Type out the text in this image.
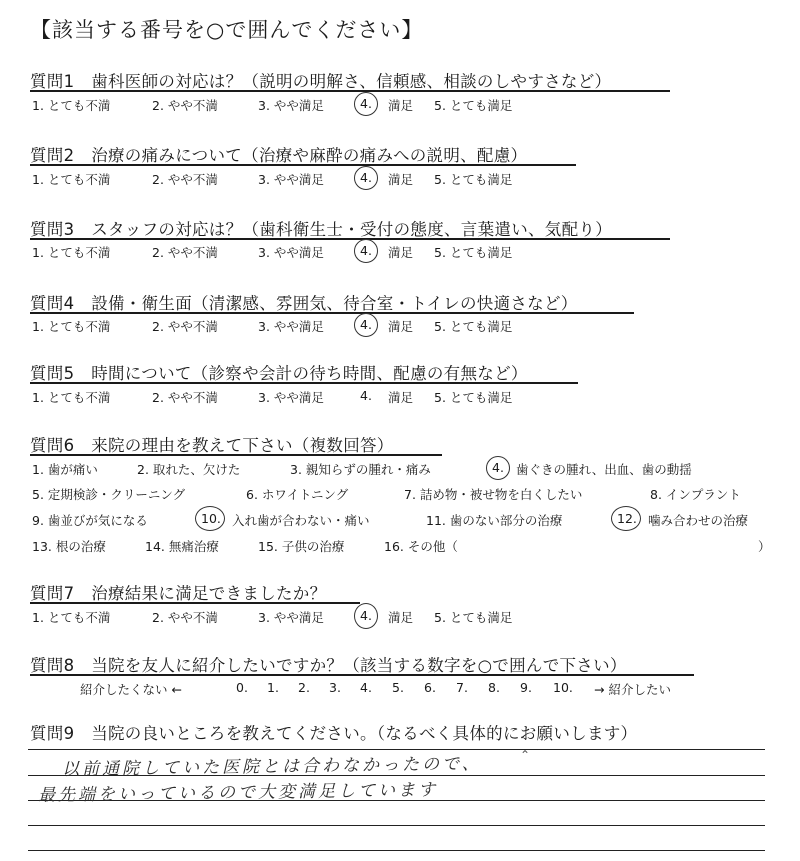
【該当する番号を○で囲んでください】
質問1　歯科医師の対応は？（説明の明解さ、信頼感、相談のしやすさなど）
1. とても不満	2. やや不満	3. やや満足	4. 満足 5. とても満足
質問2　治療の痛みについて（治療や麻酔の痛みへの説明、配慮）
1. とても不満	2. やや不満	3. やや満足	4. 満足 5. とても満足
質問3　スタッフの対応は？（歯科衛生士・受付の態度、言葉遣い、気配り）
1. とても不満	2. やや不満	3. やや満足	4. 満足 5. とても満足
質問4　設備・衛生面（清潔感、雰囲気、待合室・トイレの快適さなど）
1. とても不満	2. やや不満	3. やや満足	4. 満足 5. とても満足
質問5　時間について（診察や会計の待ち時間、配慮の有無など）
1. とても不満	2. やや不満	3. やや満足	4. 満足 5. とても満足
質問6　来院の理由を教えて下さい（複数回答）
1. 歯が痛い	2. 取れた、欠けた	3. 親知らずの腫れ・痛み	4. 歯ぐきの腫れ、出血、歯の動揺
5. 定期検診・クリーニング	6. ホワイトニング	7. 詰め物・被せ物を白くしたい	8. インプラント
9. 歯並びが気になる	10. 入れ歯が合わない・痛い	11. 歯のない部分の治療	12. 噛み合わせの治療
13. 根の治療	14. 無痛治療	15. 子供の治療	16. その他（	）
質問7　治療結果に満足できましたか？
1. とても不満	2. やや不満	3. やや満足	4. 満足 5. とても満足
質問8　当院を友人に紹介したいですか？（該当する数字を○で囲んで下さい）
紹介したくない ←	0. 1. 2. 3. 4. 5. 6. 7. 8. 9. 10. → 紹介したい
質問9　当院の良いところを教えてください。（なるべく具体的にお願いします）
以前通院していた医院とは合わなかったので、
最先端をいっているので大変満足しています
⌃
